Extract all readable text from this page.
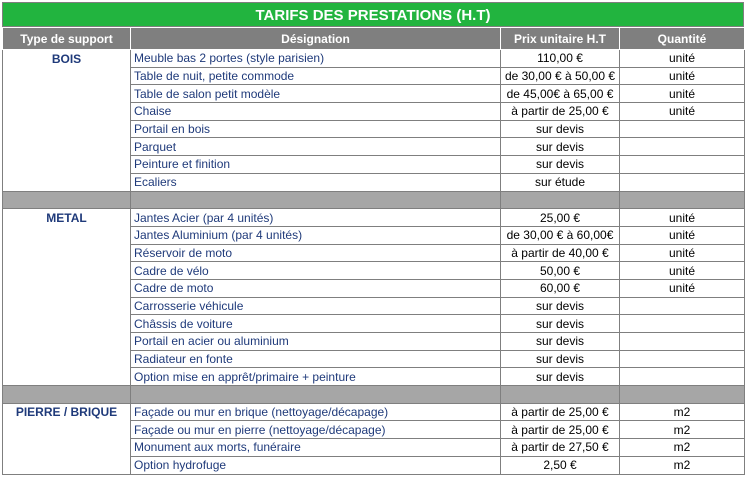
TARIFS DES PRESTATIONS (H.T)
Type de support	Désignation	Prix unitaire H.T	Quantité
BOIS	Meuble bas 2 portes (style parisien)	110,00 €	unité
	Table de nuit, petite commode	de 30,00 € à 50,00 €	unité
	Table de salon petit modèle	de 45,00€ à 65,00 €	unité
	Chaise	à partir de 25,00 €	unité
	Portail en bois	sur devis	
	Parquet	sur devis	
	Peinture et finition	sur devis	
	Ecaliers	sur étude	

METAL	Jantes Acier (par 4 unités)	25,00 €	unité
	Jantes Aluminium (par 4 unités)	de 30,00 € à 60,00€	unité
	Réservoir de moto	à partir de 40,00 €	unité
	Cadre de vélo	50,00 €	unité
	Cadre de moto	60,00 €	unité
	Carrosserie véhicule	sur devis	
	Châssis de voiture	sur devis	
	Portail en acier ou aluminium	sur devis	
	Radiateur en fonte	sur devis	
	Option mise en apprêt/primaire + peinture	sur devis	

PIERRE / BRIQUE	Façade ou mur en brique (nettoyage/décapage)	à partir de 25,00 €	m2
	Façade ou mur en pierre (nettoyage/décapage)	à partir de 25,00 €	m2
	Monument aux morts, funéraire	à partir de 27,50 €	m2
	Option hydrofuge	2,50 €	m2
